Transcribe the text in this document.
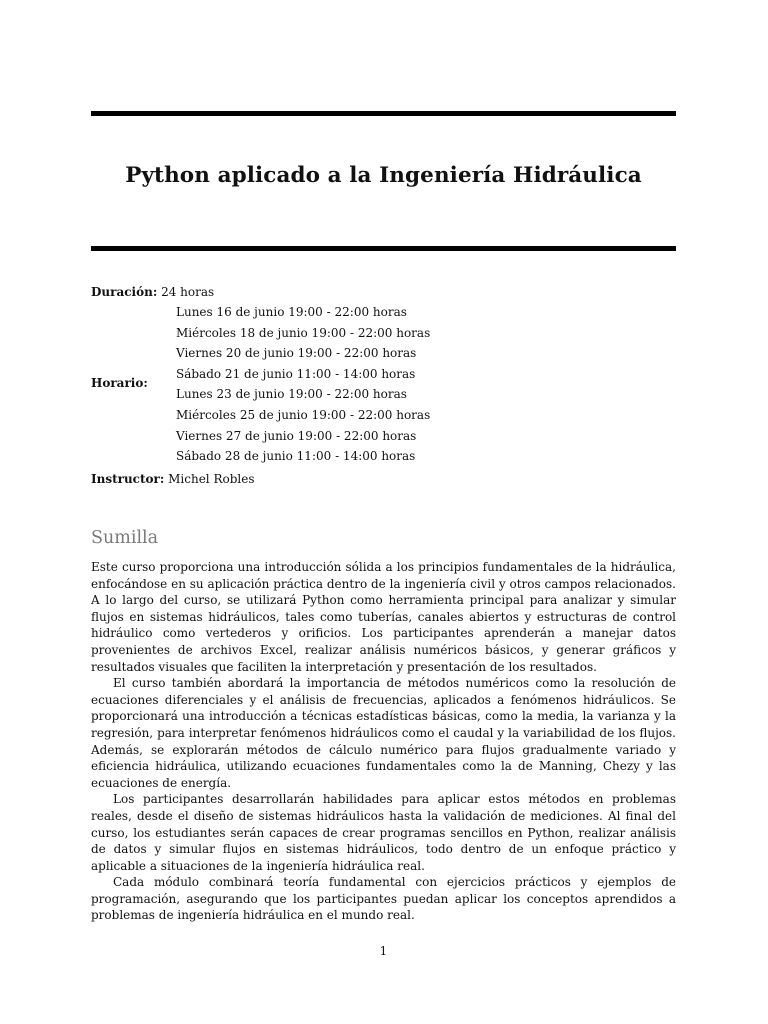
Python aplicado a la Ingeniería Hidráulica
Duración: 24 horas
Horario:
Lunes 16 de junio 19:00 - 22:00 horas
Miércoles 18 de junio 19:00 - 22:00 horas
Viernes 20 de junio 19:00 - 22:00 horas
Sábado 21 de junio 11:00 - 14:00 horas
Lunes 23 de junio 19:00 - 22:00 horas
Miércoles 25 de junio 19:00 - 22:00 horas
Viernes 27 de junio 19:00 - 22:00 horas
Sábado 28 de junio 11:00 - 14:00 horas
Instructor: Michel Robles
Sumilla

Este curso proporciona una introducción sólida a los principios fundamentales de la hidráulica, enfocándose en su aplicación práctica dentro de la ingeniería civil y otros campos relacionados. A lo largo del curso, se utilizará Python como herramienta principal para analizar y simular flujos en sistemas hidráulicos, tales como tuberías, canales abiertos y estructuras de control hidráulico como vertederos y orificios. Los participantes aprenderán a manejar datos provenientes de archivos Excel, realizar análisis numéricos básicos, y generar gráficos y resultados visuales que faciliten la interpretación y presentación de los resultados.

El curso también abordará la importancia de métodos numéricos como la resolución de ecuaciones diferenciales y el análisis de frecuencias, aplicados a fenómenos hidráulicos. Se proporcionará una introducción a técnicas estadísticas básicas, como la media, la varianza y la regresión, para interpretar fenómenos hidráulicos como el caudal y la variabilidad de los flujos. Además, se explorarán métodos de cálculo numérico para flujos gradualmente variado y eficiencia hidráulica, utilizando ecuaciones fundamentales como la de Manning, Chezy y las ecuaciones de energía.

Los participantes desarrollarán habilidades para aplicar estos métodos en problemas reales, desde el diseño de sistemas hidráulicos hasta la validación de mediciones. Al final del curso, los estudiantes serán capaces de crear programas sencillos en Python, realizar análisis de datos y simular flujos en sistemas hidráulicos, todo dentro de un enfoque práctico y aplicable a situaciones de la ingeniería hidráulica real.

Cada módulo combinará teoría fundamental con ejercicios prácticos y ejemplos de programación, asegurando que los participantes puedan aplicar los conceptos aprendidos a problemas de ingeniería hidráulica en el mundo real.

1
